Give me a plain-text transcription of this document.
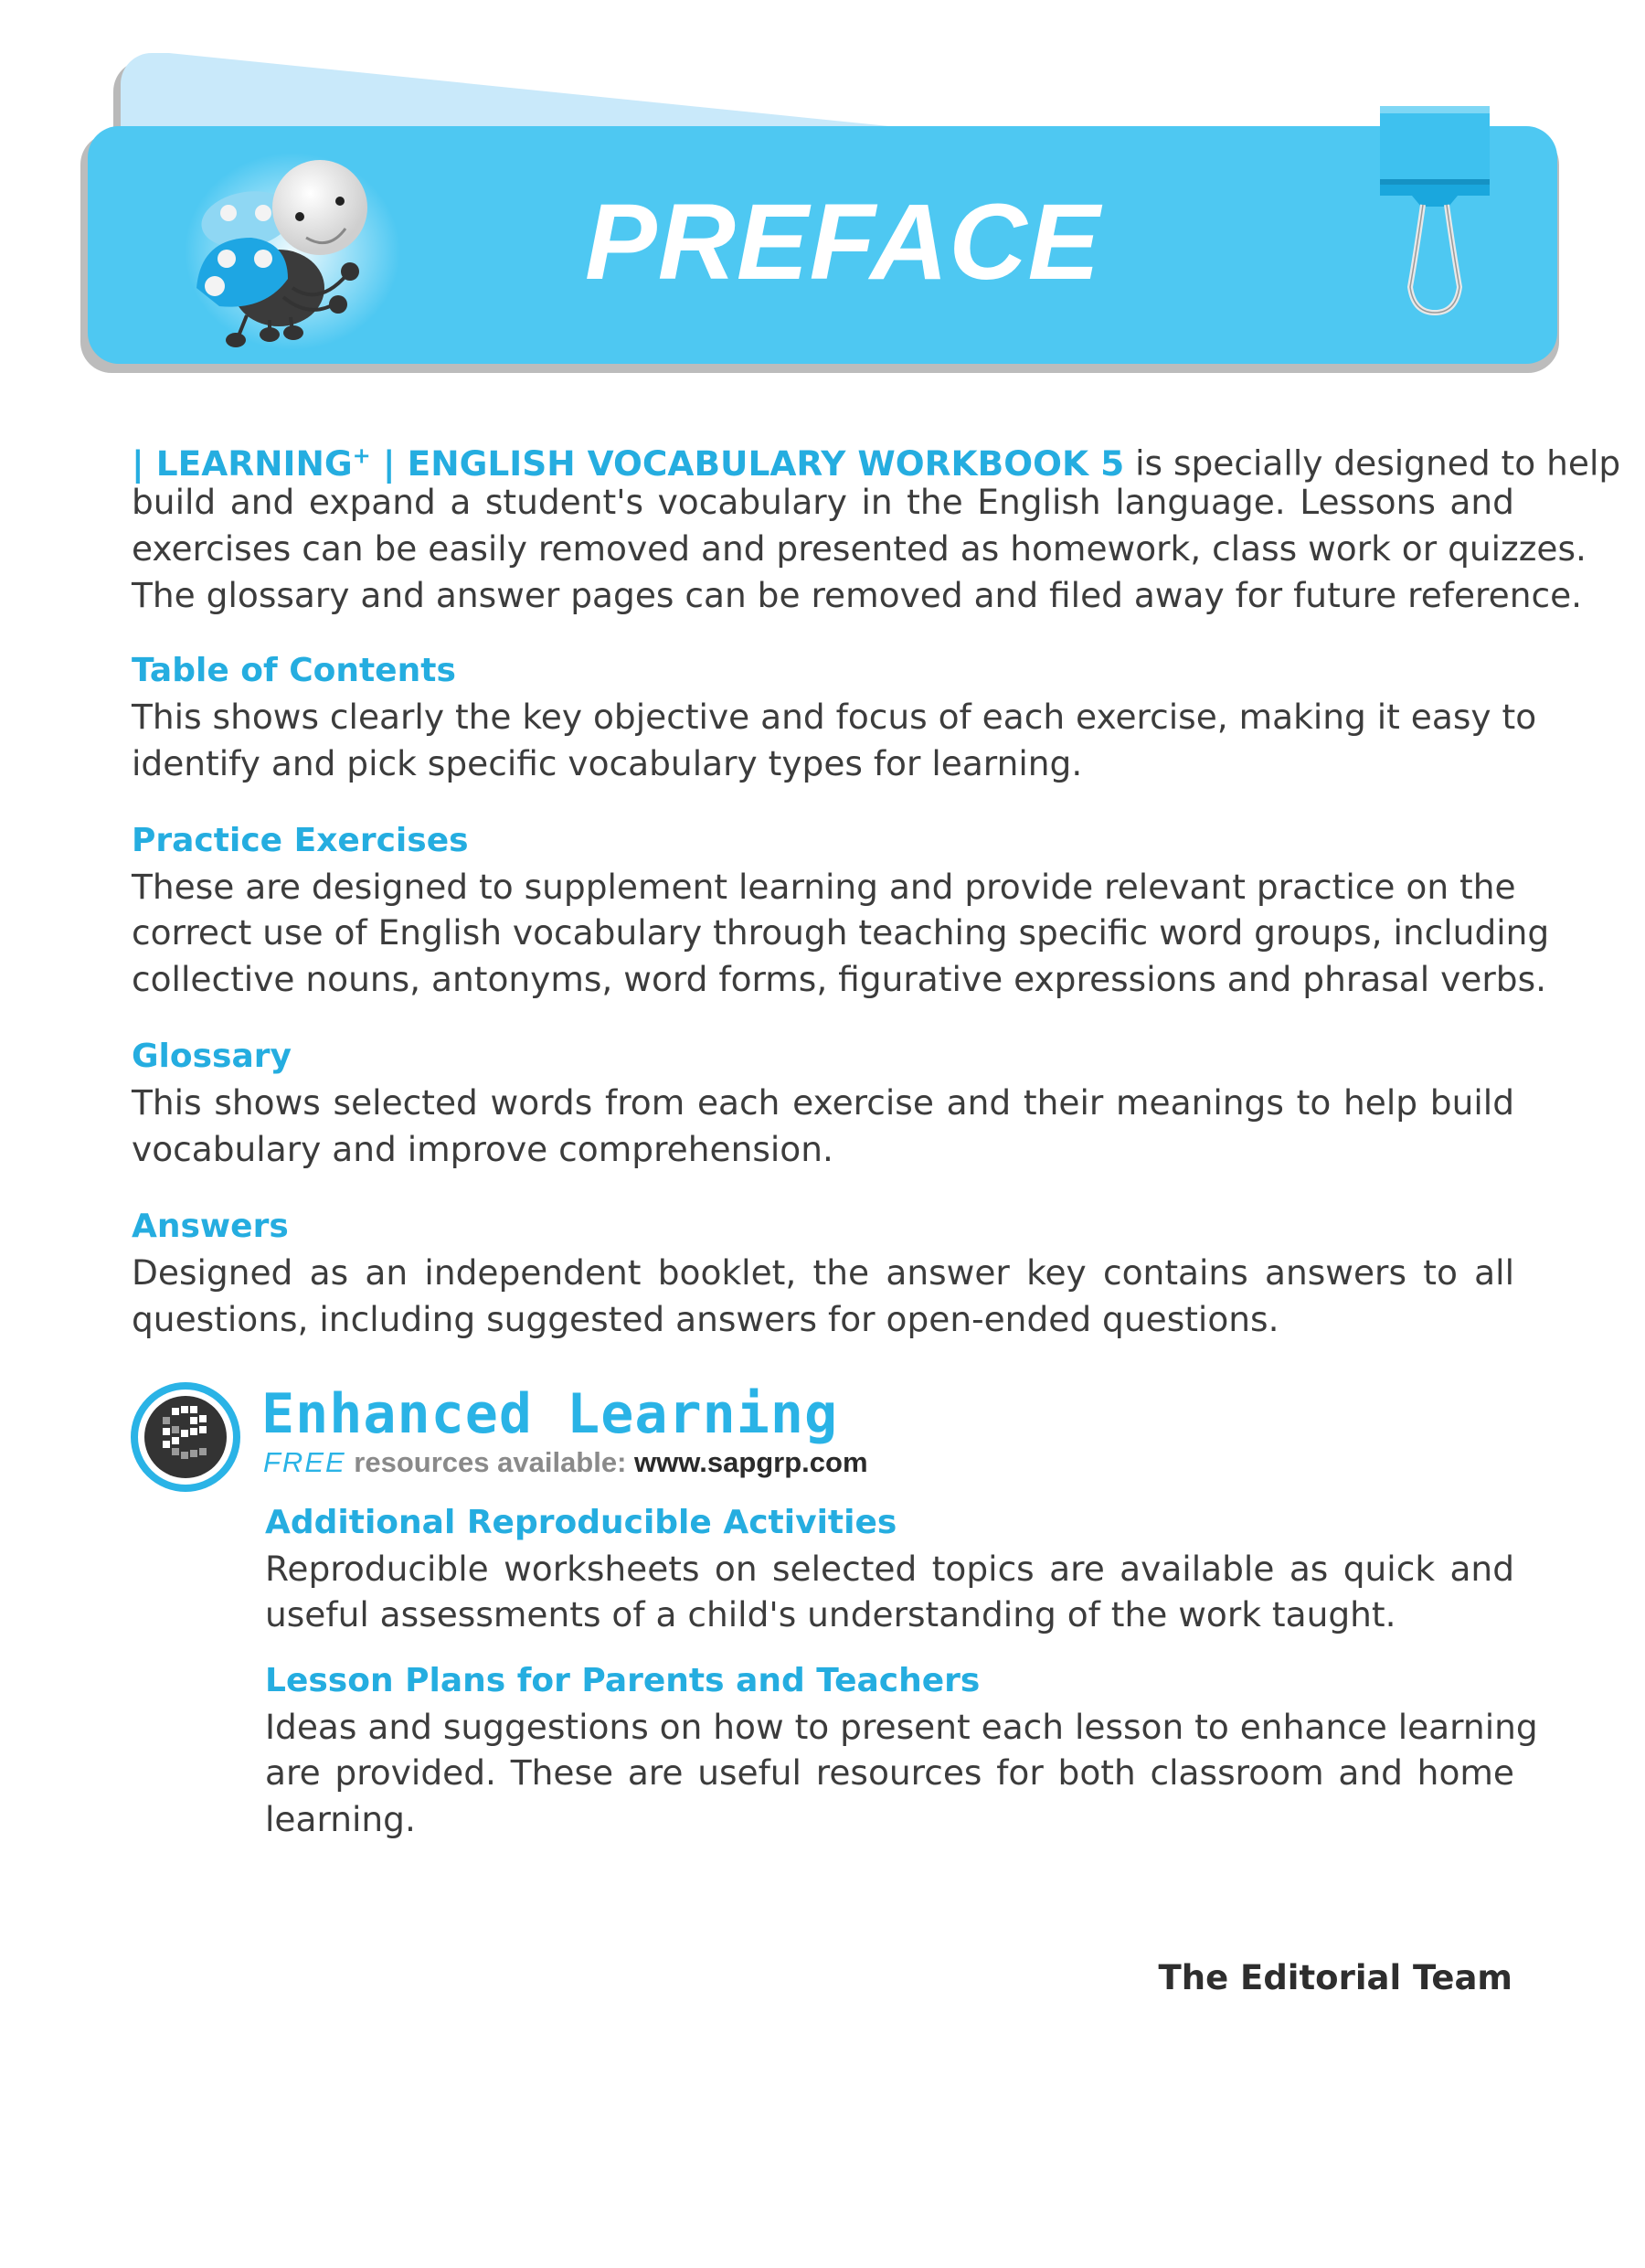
PREFACE
| LEARNING+ | ENGLISH VOCABULARY WORKBOOK 5 is specially designed to help
build and expand a student's vocabulary in the English language. Lessons and
exercises can be easily removed and presented as homework, class work or quizzes.
The glossary and answer pages can be removed and filed away for future reference.
Table of Contents
This shows clearly the key objective and focus of each exercise, making it easy to
identify and pick specific vocabulary types for learning.
Practice Exercises
These are designed to supplement learning and provide relevant practice on the
correct use of English vocabulary through teaching specific word groups, including
collective nouns, antonyms, word forms, figurative expressions and phrasal verbs.
Glossary
This shows selected words from each exercise and their meanings to help build
vocabulary and improve comprehension.
Answers
Designed as an independent booklet, the answer key contains answers to all
questions, including suggested answers for open-ended questions.
Enhanced Learning
FREE resources available: www.sapgrp.com
Additional Reproducible Activities
Reproducible worksheets on selected topics are available as quick and
useful assessments of a child's understanding of the work taught.
Lesson Plans for Parents and Teachers
Ideas and suggestions on how to present each lesson to enhance learning
are provided. These are useful resources for both classroom and home
learning.
The Editorial Team
